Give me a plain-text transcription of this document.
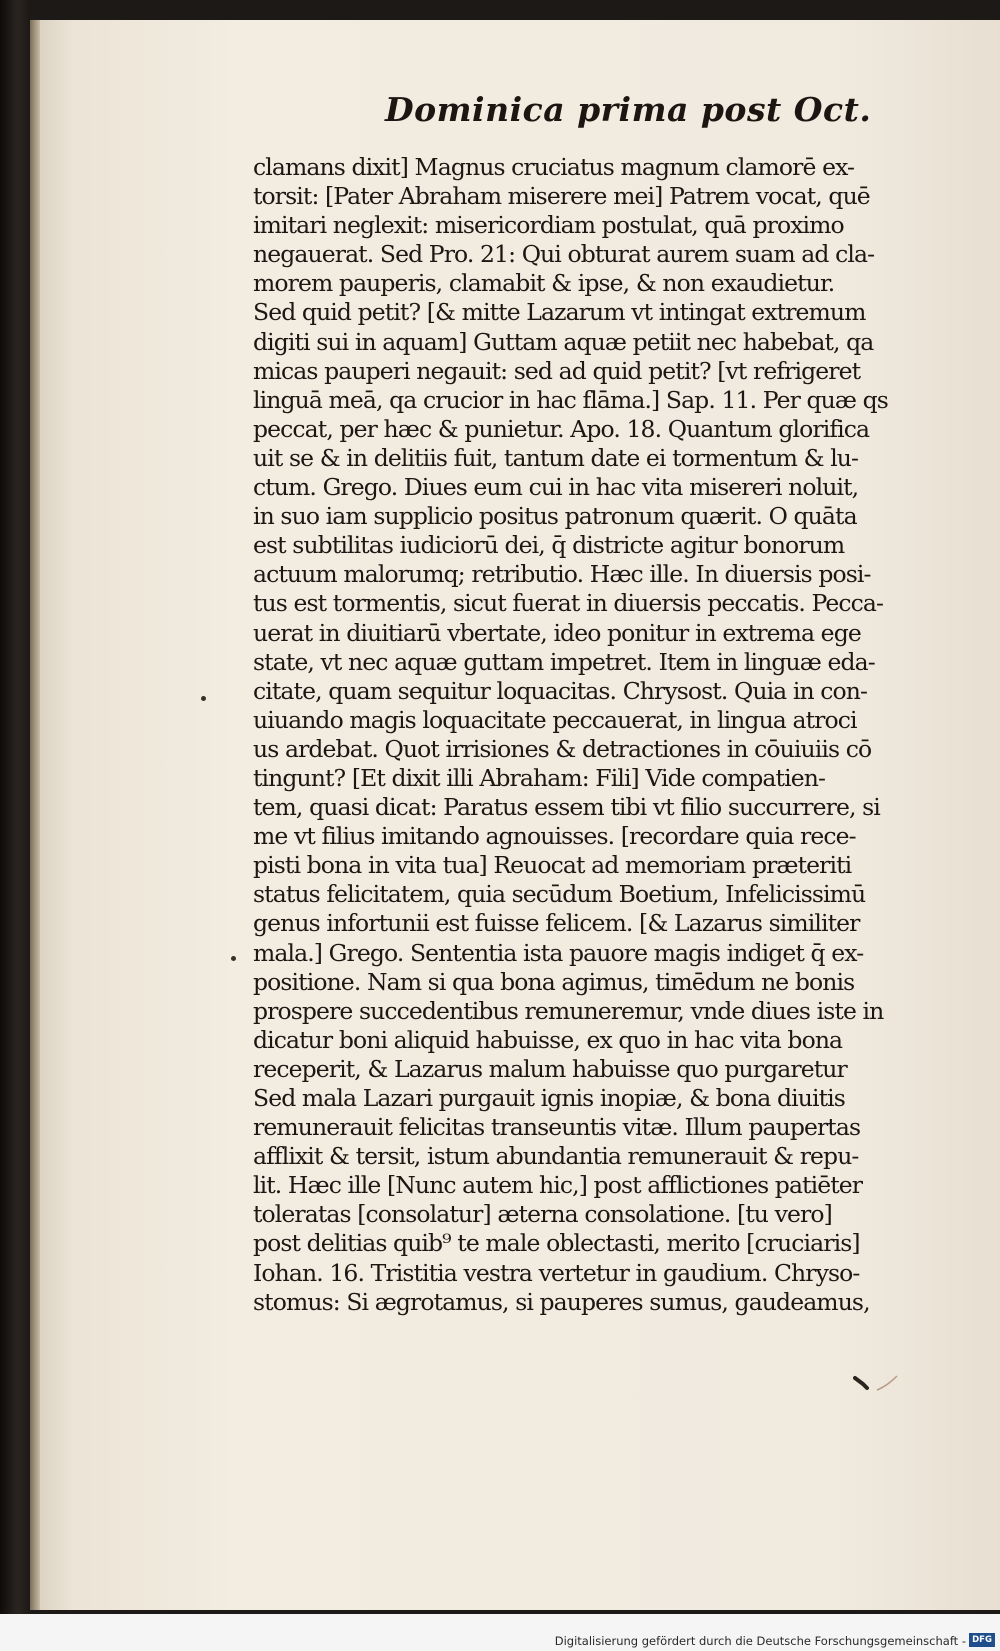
Dominica prima post Oct.
clamans dixit] Magnus cruciatus magnum clamorē ex-
torsit: [Pater Abraham miserere mei] Patrem vocat, quē
imitari neglexit: misericordiam postulat, quā proximo
negauerat. Sed Pro. 21: Qui obturat aurem suam ad cla-
morem pauperis, clamabit & ipse, & non exaudietur.
Sed quid petit? [& mitte Lazarum vt intingat extremum
digiti sui in aquam] Guttam aquæ petiit nec habebat, qa
micas pauperi negauit: sed ad quid petit? [vt refrigeret
linguā meā, qa crucior in hac flāma.] Sap. 11. Per quæ qs
peccat, per hæc & punietur. Apo. 18. Quantum glorifica
uit se & in delitiis fuit, tantum date ei tormentum & lu-
ctum. Grego. Diues eum cui in hac vita misereri noluit,
in suo iam supplicio positus patronum quærit. O quāta
est subtilitas iudiciorū dei, q̄ districte agitur bonorum
actuum malorumq; retributio. Hæc ille. In diuersis posi-
tus est tormentis, sicut fuerat in diuersis peccatis. Pecca-
uerat in diuitiarū vbertate, ideo ponitur in extrema ege
state, vt nec aquæ guttam impetret. Item in linguæ eda-
citate, quam sequitur loquacitas. Chrysost. Quia in con-
uiuando magis loquacitate peccauerat, in lingua atroci
us ardebat. Quot irrisiones & detractiones in cōuiuiis cō
tingunt? [Et dixit illi Abraham: Fili] Vide compatien-
tem, quasi dicat: Paratus essem tibi vt filio succurrere, si
me vt filius imitando agnouisses. [recordare quia rece-
pisti bona in vita tua] Reuocat ad memoriam præteriti
status felicitatem, quia secūdum Boetium, Infelicissimū
genus infortunii est fuisse felicem. [& Lazarus similiter
mala.] Grego. Sententia ista pauore magis indiget q̄ ex-
positione. Nam si qua bona agimus, timēdum ne bonis
prospere succedentibus remuneremur, vnde diues iste in
dicatur boni aliquid habuisse, ex quo in hac vita bona
receperit, & Lazarus malum habuisse quo purgaretur
Sed mala Lazari purgauit ignis inopiæ, & bona diuitis
remunerauit felicitas transeuntis vitæ. Illum paupertas
afflixit & tersit, istum abundantia remunerauit & repu-
lit. Hæc ille [Nunc autem hic,] post afflictiones patiēter
toleratas [consolatur] æterna consolatione. [tu vero]
post delitias quib⁹ te male oblectasti, merito [cruciaris]
Iohan. 16. Tristitia vestra vertetur in gaudium. Chryso-
stomus: Si ægrotamus, si pauperes sumus, gaudeamus,
Digitalisierung gefördert durch die Deutsche Forschungsgemeinschaft - DFG
